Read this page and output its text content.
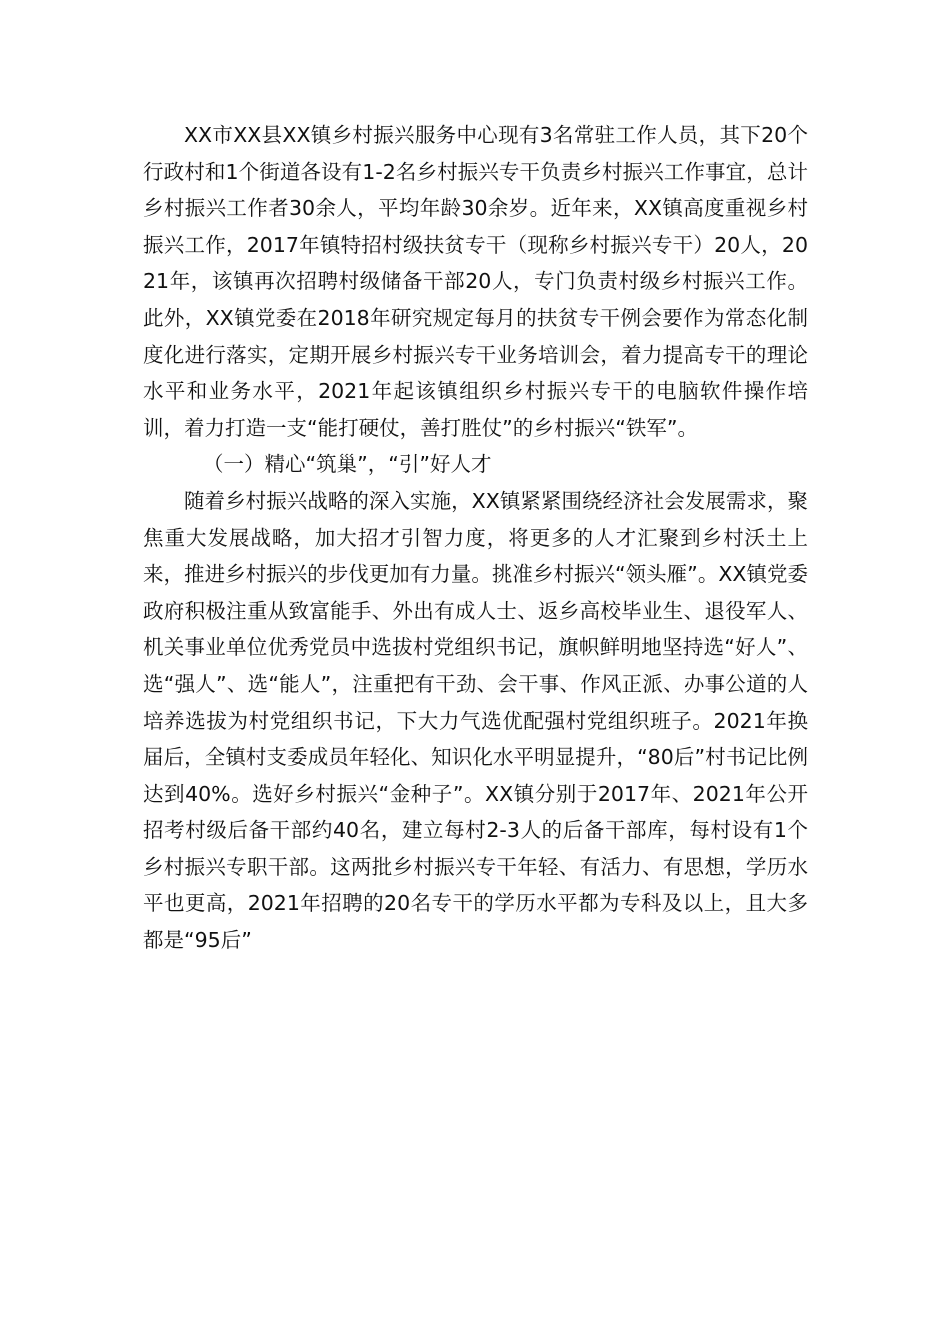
XX市XX县XX镇乡村振兴服务中心现有3名常驻工作人员，其下20个行政村和1个街道各设有1-2名乡村振兴专干负责乡村振兴工作事宜，总计乡村振兴工作者30余人，平均年龄30余岁。近年来，XX镇高度重视乡村振兴工作，2017年镇特招村级扶贫专干（现称乡村振兴专干）20人，2021年，该镇再次招聘村级储备干部20人，专门负责村级乡村振兴工作。此外，XX镇党委在2018年研究规定每月的扶贫专干例会要作为常态化制度化进行落实，定期开展乡村振兴专干业务培训会，着力提高专干的理论水平和业务水平，2021年起该镇组织乡村振兴专干的电脑软件操作培训，着力打造一支“能打硬仗，善打胜仗”的乡村振兴“铁军”。

（一）精心“筑巢”，“引”好人才

随着乡村振兴战略的深入实施，XX镇紧紧围绕经济社会发展需求，聚焦重大发展战略，加大招才引智力度，将更多的人才汇聚到乡村沃土上来，推进乡村振兴的步伐更加有力量。挑准乡村振兴“领头雁”。XX镇党委政府积极注重从致富能手、外出有成人士、返乡高校毕业生、退役军人、机关事业单位优秀党员中选拔村党组织书记，旗帜鲜明地坚持选“好人”、选“强人”、选“能人”，注重把有干劲、会干事、作风正派、办事公道的人培养选拔为村党组织书记，下大力气选优配强村党组织班子。2021年换届后，全镇村支委成员年轻化、知识化水平明显提升，“80后”村书记比例达到40%。选好乡村振兴“金种子”。XX镇分别于2017年、2021年公开招考村级后备干部约40名，建立每村2-3人的后备干部库，每村设有1个乡村振兴专职干部。这两批乡村振兴专干年轻、有活力、有思想，学历水平也更高，2021年招聘的20名专干的学历水平都为专科及以上，且大多都是“95后”
